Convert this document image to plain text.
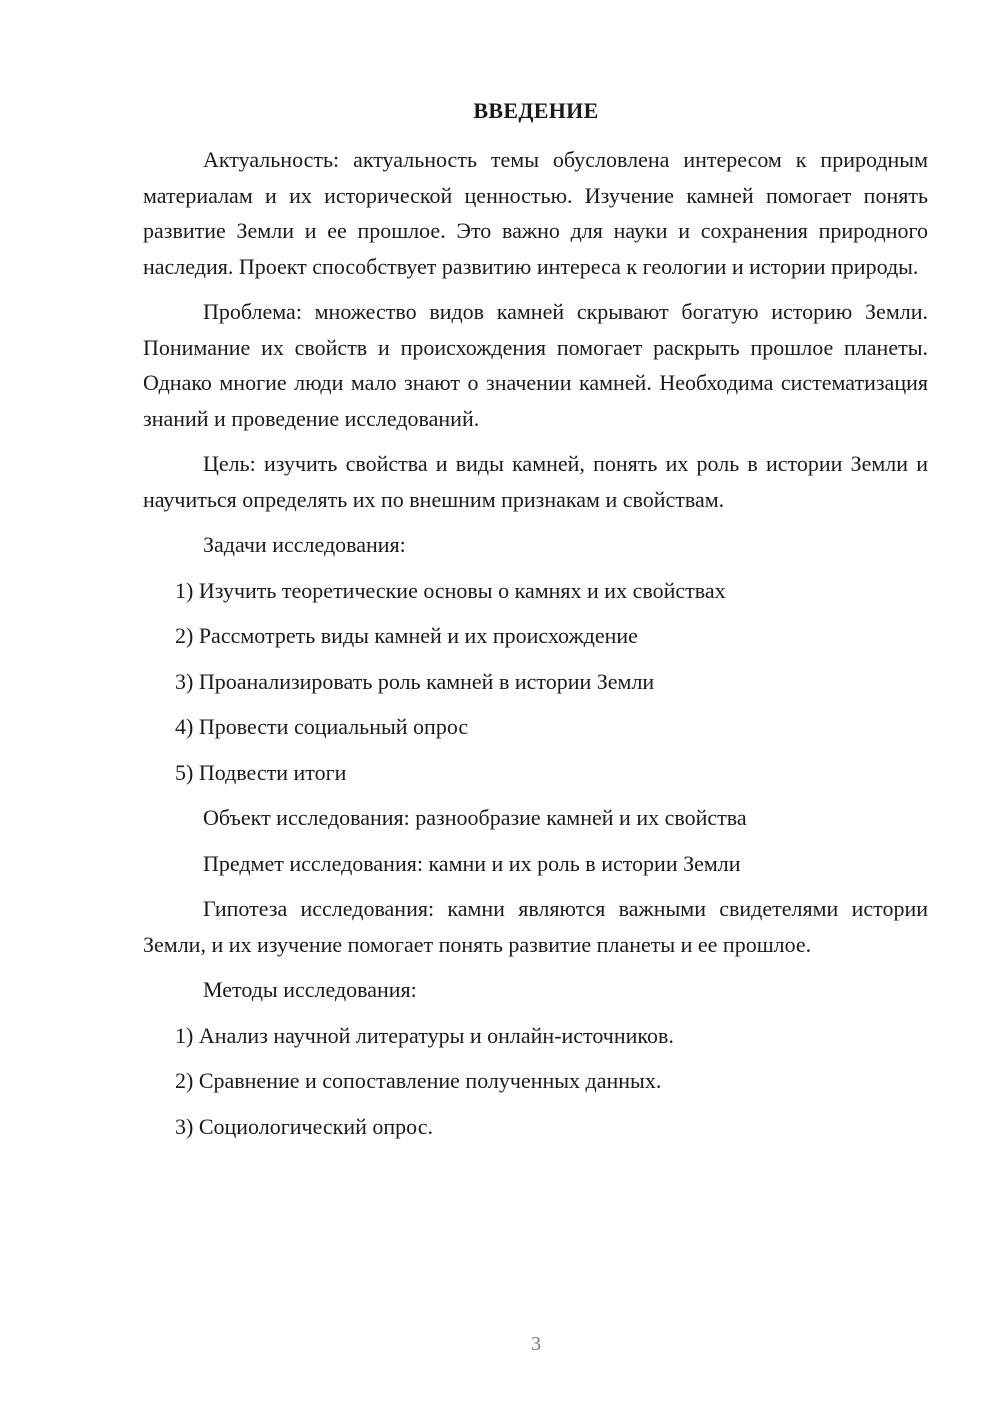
ВВЕДЕНИЕ

Актуальность: актуальность темы обусловлена интересом к природным материалам и их исторической ценностью. Изучение камней помогает понять развитие Земли и ее прошлое. Это важно для науки и сохранения природного наследия. Проект способствует развитию интереса к геологии и истории природы.

Проблема: множество видов камней скрывают богатую историю Земли. Понимание их свойств и происхождения помогает раскрыть прошлое планеты. Однако многие люди мало знают о значении камней. Необходима систематизация знаний и проведение исследований.

Цель: изучить свойства и виды камней, понять их роль в истории Земли и научиться определять их по внешним признакам и свойствам.

Задачи исследования:

1) Изучить теоретические основы о камнях и их свойствах

2) Рассмотреть виды камней и их происхождение

3) Проанализировать роль камней в истории Земли

4) Провести социальный опрос

5) Подвести итоги

Объект исследования: разнообразие камней и их свойства

Предмет исследования: камни и их роль в истории Земли

Гипотеза исследования: камни являются важными свидетелями истории Земли, и их изучение помогает понять развитие планеты и ее прошлое.

Методы исследования:

1) Анализ научной литературы и онлайн-источников.

2) Сравнение и сопоставление полученных данных.

3) Социологический опрос.

3
